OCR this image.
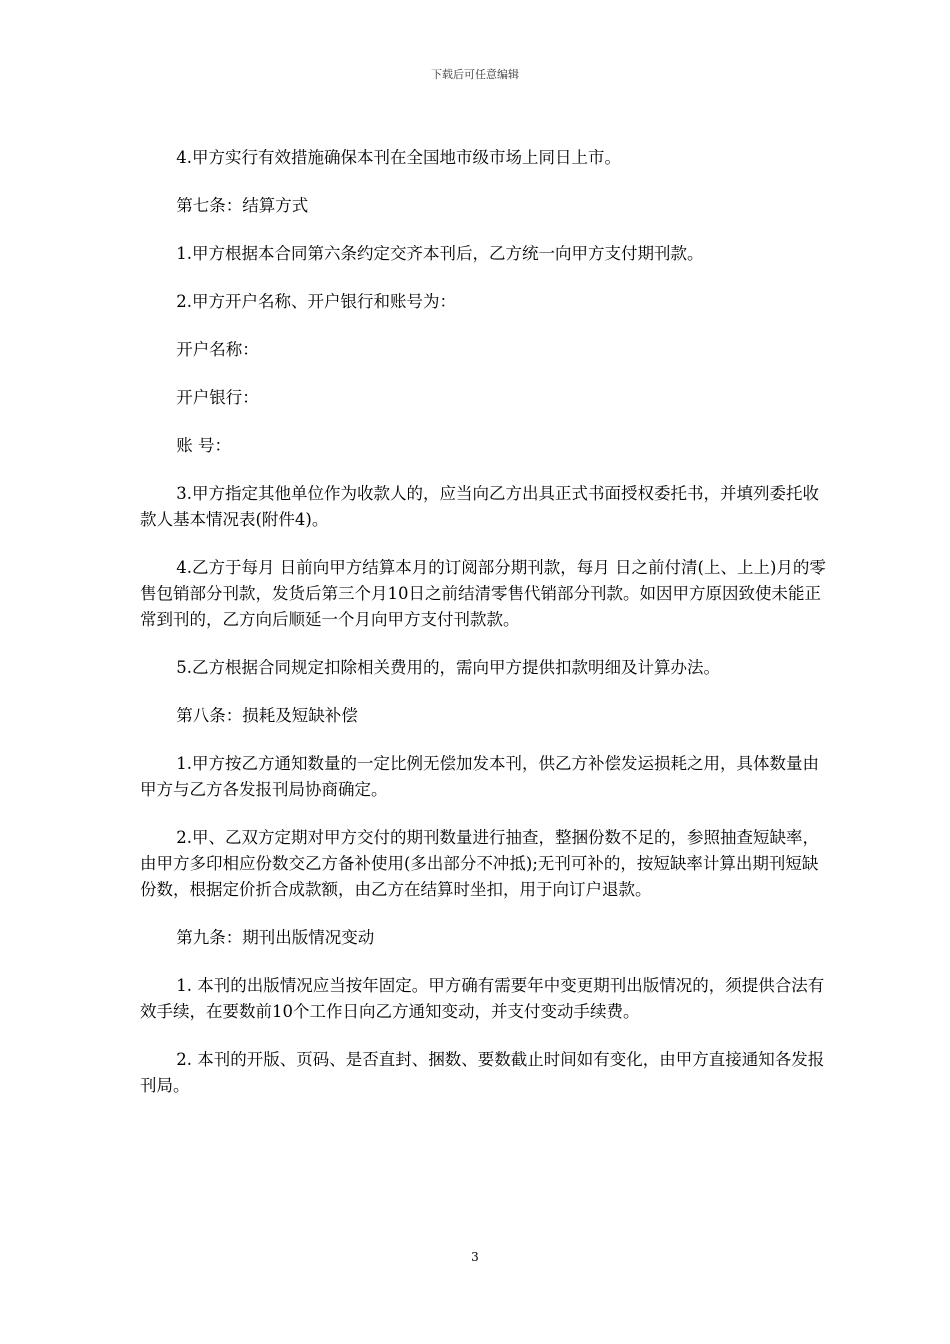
下载后可任意编辑

4.甲方实行有效措施确保本刊在全国地市级市场上同日上市。

第七条：结算方式

1.甲方根据本合同第六条约定交齐本刊后，乙方统一向甲方支付期刊款。

2.甲方开户名称、开户银行和账号为：

开户名称：

开户银行：

账 号：

3.甲方指定其他单位作为收款人的，应当向乙方出具正式书面授权委托书，并填列委托收款人基本情况表(附件4)。

4.乙方于每月 日前向甲方结算本月的订阅部分期刊款，每月 日之前付清(上、上上)月的零售包销部分刊款，发货后第三个月10日之前结清零售代销部分刊款。如因甲方原因致使未能正常到刊的，乙方向后顺延一个月向甲方支付刊款款。

5.乙方根据合同规定扣除相关费用的，需向甲方提供扣款明细及计算办法。

第八条：损耗及短缺补偿

1.甲方按乙方通知数量的一定比例无偿加发本刊，供乙方补偿发运损耗之用，具体数量由甲方与乙方各发报刊局协商确定。

2.甲、乙双方定期对甲方交付的期刊数量进行抽查，整捆份数不足的，参照抽查短缺率，由甲方多印相应份数交乙方备补使用(多出部分不冲抵);无刊可补的，按短缺率计算出期刊短缺份数，根据定价折合成款额，由乙方在结算时坐扣，用于向订户退款。

第九条：期刊出版情况变动

1. 本刊的出版情况应当按年固定。甲方确有需要年中变更期刊出版情况的，须提供合法有效手续，在要数前10个工作日向乙方通知变动，并支付变动手续费。

2. 本刊的开版、页码、是否直封、捆数、要数截止时间如有变化，由甲方直接通知各发报刊局。

3
